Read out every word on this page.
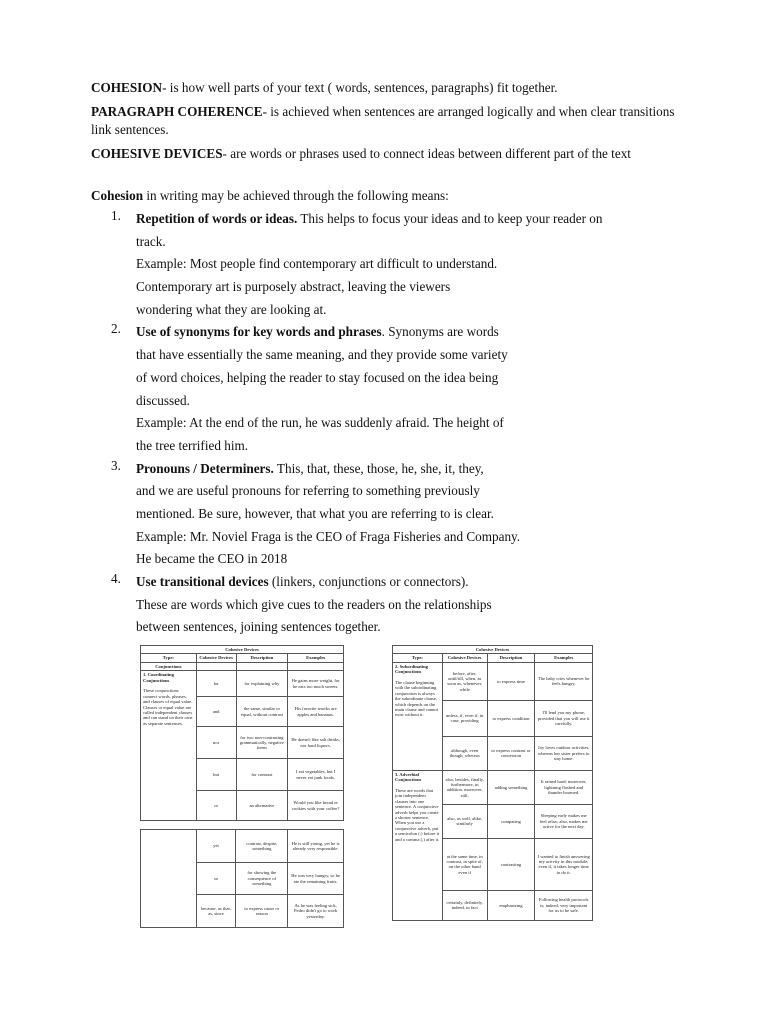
COHESION- is how well parts of your text ( words, sentences, paragraphs) fit together.
PARAGRAPH COHERENCE- is achieved when sentences are arranged logically and when clear transitions link sentences.
COHESIVE DEVICES- are words or phrases used to connect ideas between different part of the text
Cohesion in writing may be achieved through the following means:
1.	Repetition of words or ideas. This helps to focus your ideas and to keep your reader on
track.
Example: Most people find contemporary art difficult to understand.
Contemporary art is purposely abstract, leaving the viewers
wondering what they are looking at.
2.	Use of synonyms for key words and phrases. Synonyms are words
that have essentially the same meaning, and they provide some variety
of word choices, helping the reader to stay focused on the idea being
discussed.
Example: At the end of the run, he was suddenly afraid. The height of
the tree terrified him.
3.	Pronouns / Determiners. This, that, these, those, he, she, it, they,
and we are useful pronouns for referring to something previously
mentioned. Be sure, however, that what you are referring to is clear.
Example: Mr. Noviel Fraga is the CEO of Fraga Fisheries and Company.
He became the CEO in 2018
4.	Use transitional devices (linkers, conjunctions or connectors).
These are words which give cues to the readers on the relationships
between sentences, joining sentences together.
Cohesive Devices			
Type:	Cohesive Devices	Description	Examples
Conjunctions			
1. Coordinating Conjunctions

These conjunctions connect words, phrases, and clauses of equal value. Clauses or equal value are called independent clauses and can stand on their own as separate sentences.	for	for explaining why	He gains more weight, for he eats too much sweets.
	and	the same, similar or equal, without contrast	His favorite snacks are apples and bananas.
	nor	for two non-contrasting grammatically, negative items	He doesn't like salt drinks, nor hard liquors.
	but	for contrast	I eat vegetables, but I never eat junk foods.
	or	an alternative	Would you like bread or cookies with your coffee?
	yet	contrast, despite, something	He is still young, yet he is already very responsible.
	so	for showing the consequence of something	He was very hungry, so he ate the remaining fruits.
	because, as that, as, since	to express cause or reason	As he was feeling sick, Pedro didn't go to work yesterday.
Cohesive Devices			
Type:	Cohesive Devices	Description	Examples
2. Subordinating Conjunctions

The clause beginning with the subordinating conjunction is always the subordinate clause, which depends on the main clause and cannot exist without it.	before, after, until/till, when, as soon as, whenever, while	to express time	The baby cries whenever he feels hungry.
	unless, if, even if, in case, providing	to express condition	I'll lend you my phone, provided that you will use it carefully.
	although, even though, whereas	to express contrast or concession	Joy loves outdoor activities, whereas her sister prefers to stay home.
3. Adverbial Conjunctions

These are words that join independent clauses into one sentence. A conjunctive adverb helps you create a shorter sentence. When you use a conjunctive adverb, put a semicolon (;) before it and a comma (,) after it.	also, besides, finally, furthermore, in addition, moreover, still,	adding something	It rained hard; moreover, lightning flashed and thunder boomed.
	also, as well, alike, similarly	comparing	Sleeping early makes me feel relax; also, makes me active for the next day.
	at the same time, in contrast, in spite of, on the other hand even if	contrasting	I wanted to finish answering my activity in this module; even if, it takes longer time to do it.
	certainly, definitely, indeed, in fact	emphasizing	Following health protocols is; indeed, very important for us to be safe.
